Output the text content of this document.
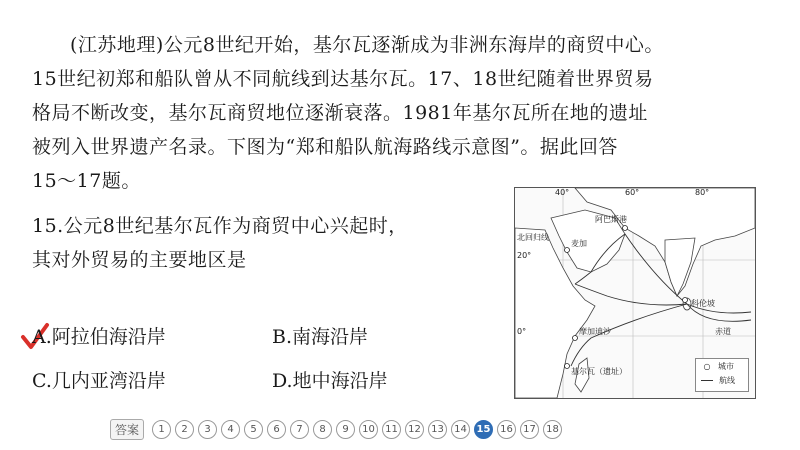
(江苏地理)公元8世纪开始，基尔瓦逐渐成为非洲东海岸的商贸中心。
15世纪初郑和船队曾从不同航线到达基尔瓦。17、18世纪随着世界贸易
格局不断改变，基尔瓦商贸地位逐渐衰落。1981年基尔瓦所在地的遗址
被列入世界遗产名录。下图为“郑和船队航海路线示意图”。据此回答
15～17题。
15.公元8世纪基尔瓦作为商贸中心兴起时，
其对外贸易的主要地区是
A.阿拉伯海沿岸	B.南海沿岸
C.几内亚湾沿岸	D.地中海沿岸
40°	60°	80°
20°
0°
阿巴斯港
麦加
北回归线
科伦坡
赤道
摩加迪沙
基尔瓦（遗址）
○ 城市
航线
答案	1	2	3	4	5	6	7	8	9	10	11	12	13	14 15 16	17	18
